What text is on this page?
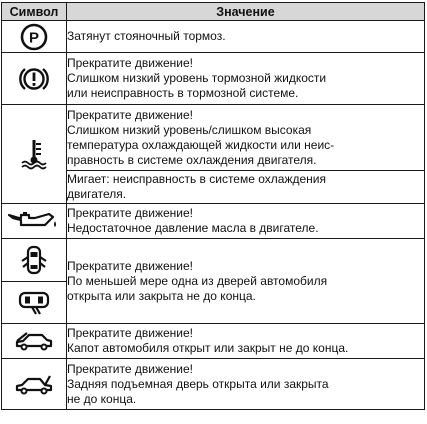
Символ	Значение

P	Затянут стояночный тормоз.

	Прекратите движение!
Слишком низкий уровень тормозной жидкости
или неисправность в тормозной системе.

	Прекратите движение!
Слишком низкий уровень/слишком высокая
температура охлаждающей жидкости или неис-
правность в системе охлаждения двигателя.
	Мигает: неисправность в системе охлаждения
двигателя.

	Прекратите движение!
Недостаточное давление масла в двигателе.

	Прекратите движение!
По меньшей мере одна из дверей автомобиля
открыта или закрыта не до конца.

	Прекратите движение!
Капот автомобиля открыт или закрыт не до конца.

	Прекратите движение!
Задняя подъемная дверь открыта или закрыта
не до конца.
